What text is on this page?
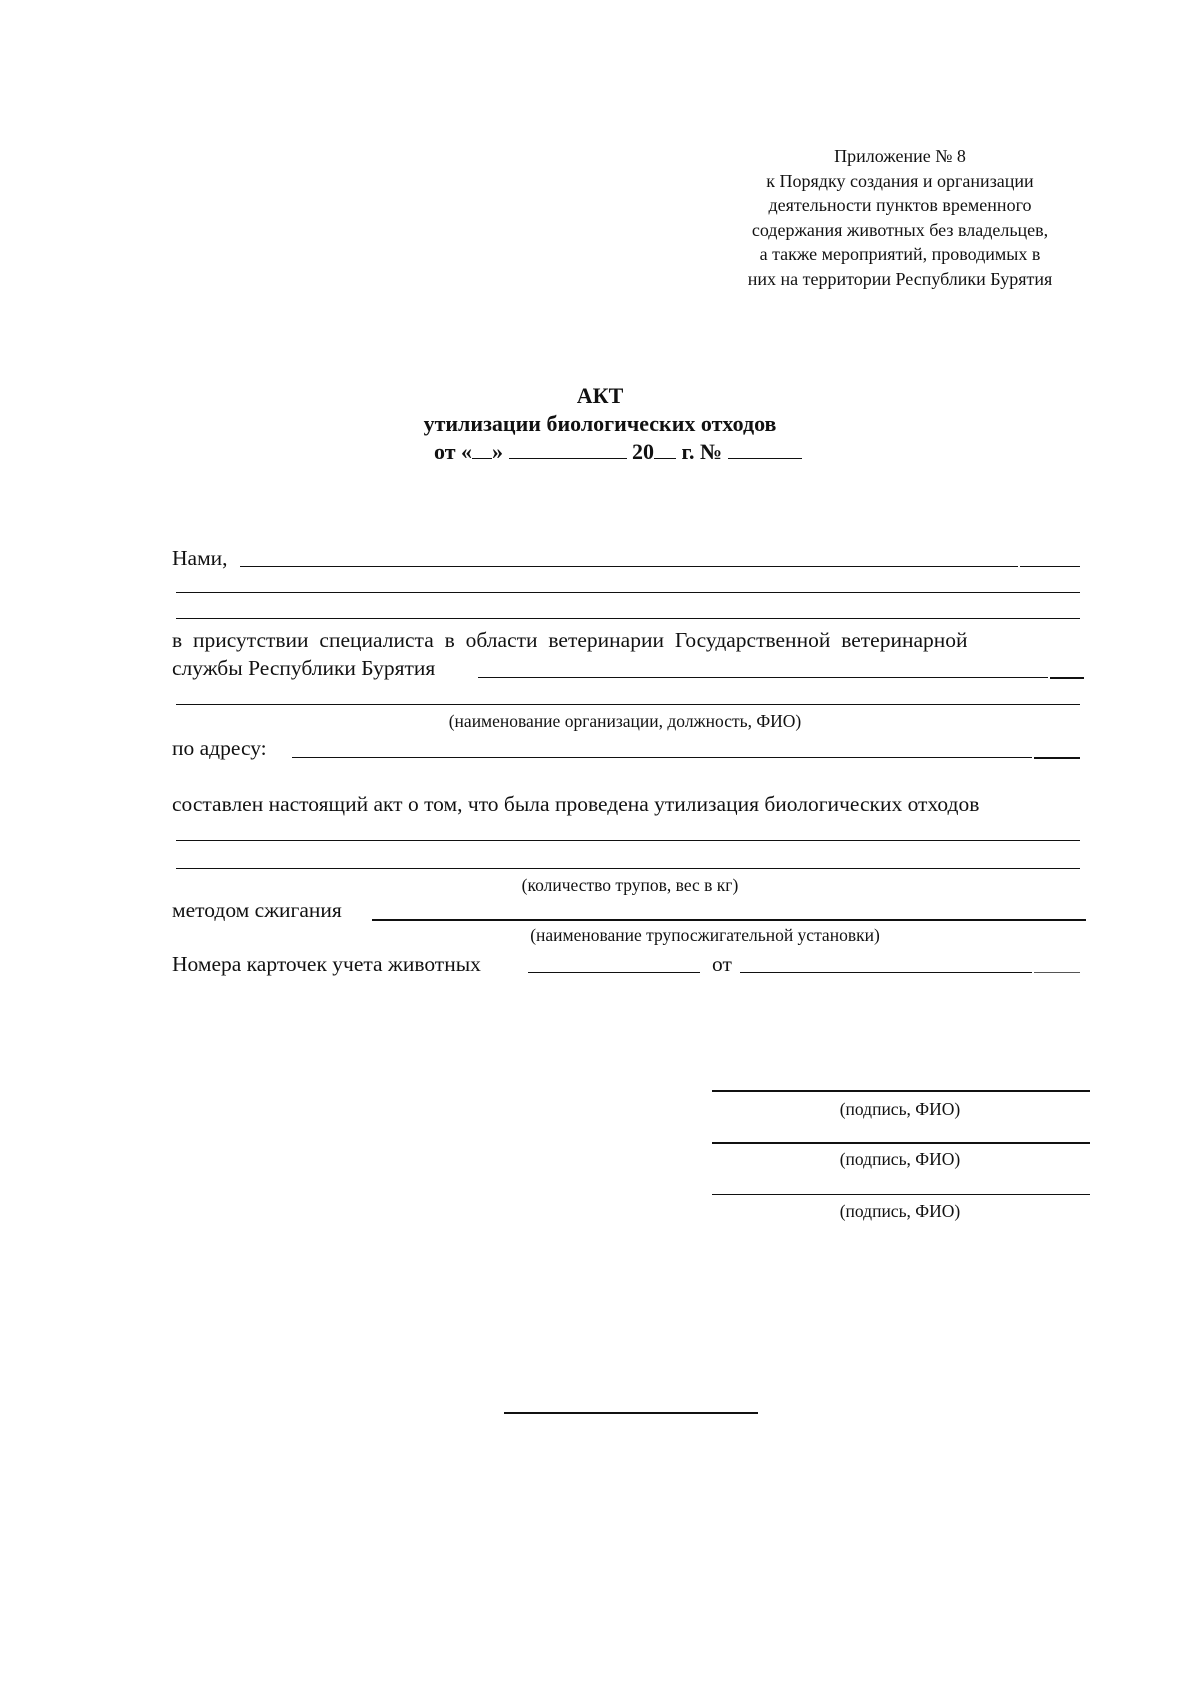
Приложение № 8
к Порядку создания и организации
деятельности пунктов временного
содержания животных без владельцев,
а также мероприятий, проводимых в
них на территории Республики Бурятия
АКТ
утилизации биологических отходов
от « »	20 г. №
Нами,
в присутствии специалиста в области ветеринарии Государственной ветеринарной
службы Республики Бурятия
(наименование организации, должность, ФИО)
по адресу:
составлен настоящий акт о том, что была проведена утилизация биологических отходов
(количество трупов, вес в кг)
методом сжигания
(наименование трупосжигательной установки)
Номера карточек учета животных	от
(подпись, ФИО)
(подпись, ФИО)
(подпись, ФИО)
